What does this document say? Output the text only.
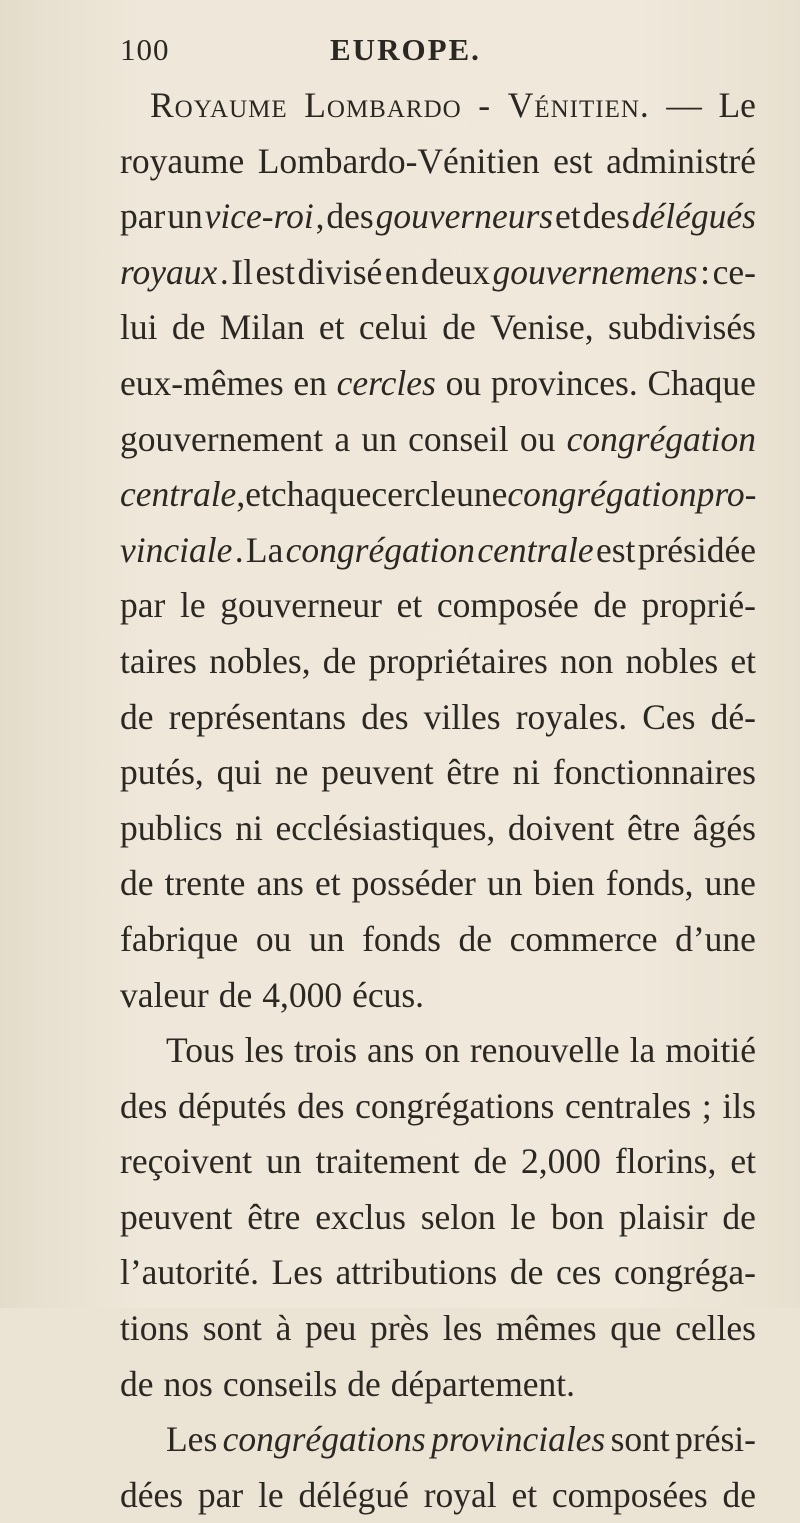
100	EUROPE.
Royaume Lombardo - Vénitien. — Le
royaume Lombardo-Vénitien est administré
par un vice-roi , des gouverneurs et des délégués
royaux . Il est divisé en deux gouvernemens : ce-
lui de Milan et celui de Venise, subdivisés
eux-mêmes en cercles ou provinces. Chaque
gouvernement a un conseil ou congrégation
centrale , et chaque cercle une congrégation pro-
vinciale . La congrégation centrale est présidée
par le gouverneur et composée de proprié-
taires nobles, de propriétaires non nobles et
de représentans des villes royales. Ces dé-
putés, qui ne peuvent être ni fonctionnaires
publics ni ecclésiastiques, doivent être âgés
de trente ans et posséder un bien fonds, une
fabrique ou un fonds de commerce d’une
valeur de 4,000 écus.
Tous les trois ans on renouvelle la moitié
des députés des congrégations centrales ; ils
reçoivent un traitement de 2,000 florins, et
peuvent être exclus selon le bon plaisir de
l’autorité. Les attributions de ces congréga-
tions sont à peu près les mêmes que celles
de nos conseils de département.
Les congrégations provinciales sont prési-
dées par le délégué royal et composées de
